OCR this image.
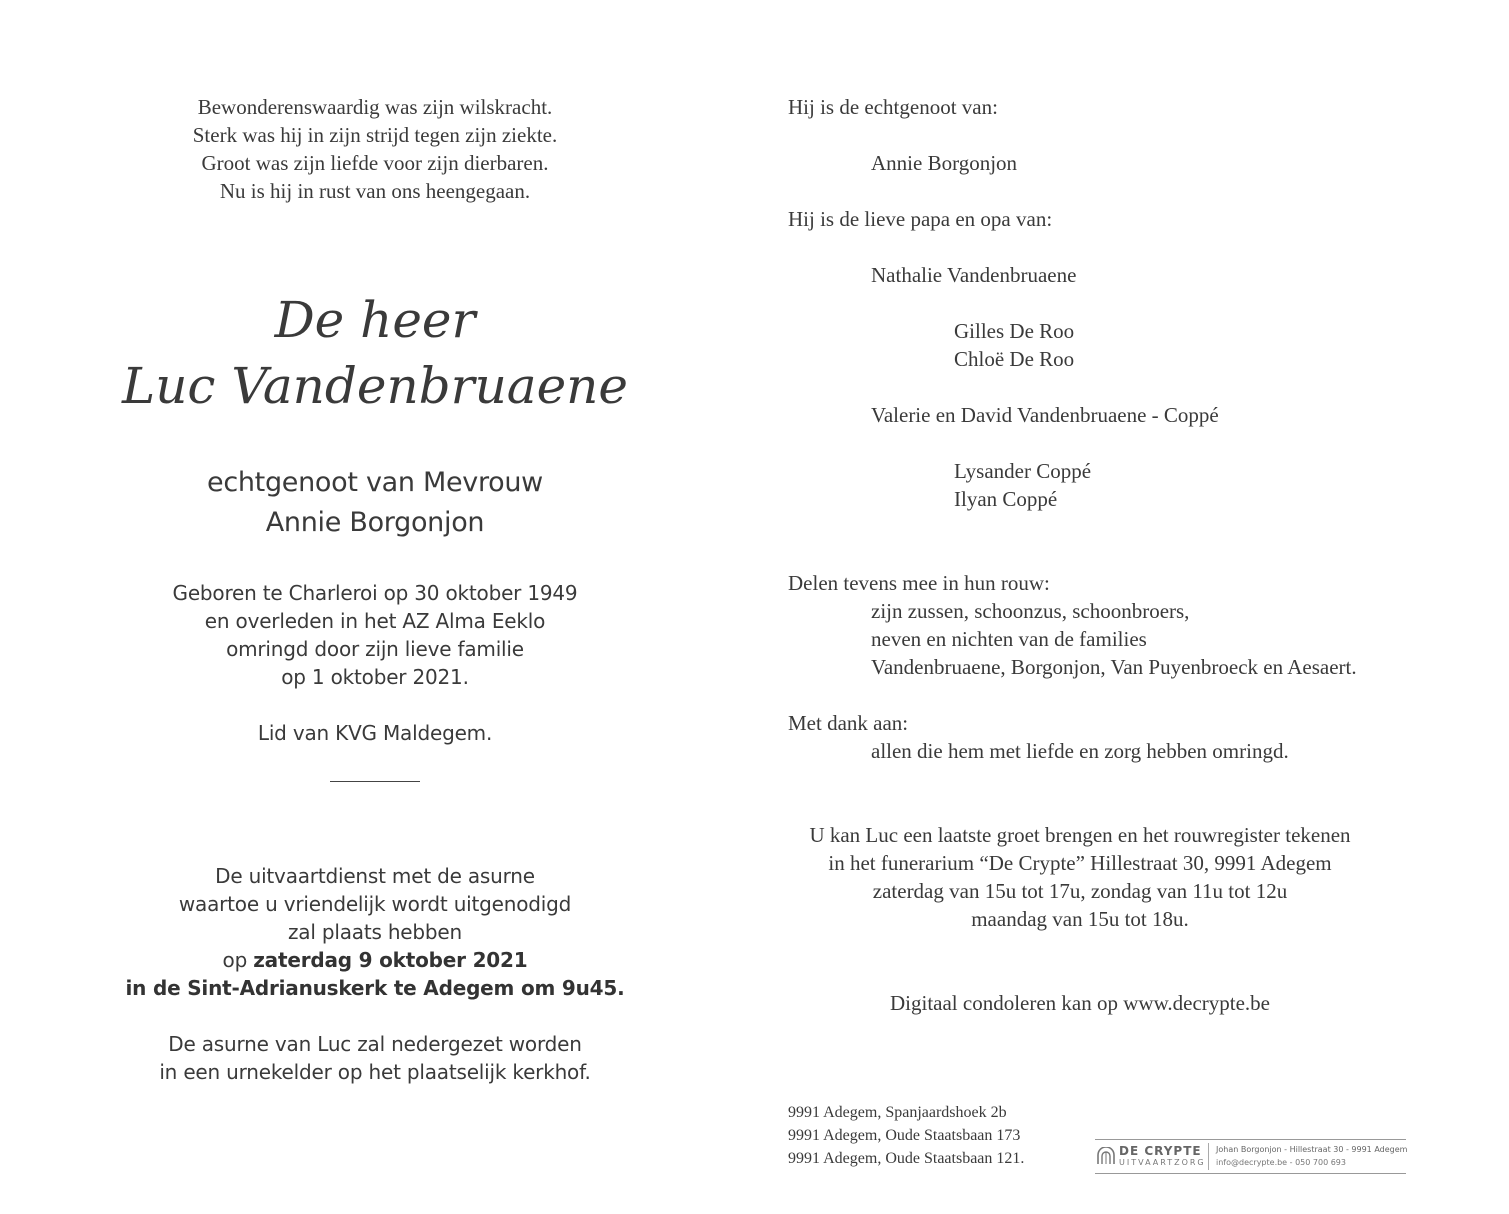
Bewonderenswaardig was zijn wilskracht.
Sterk was hij in zijn strijd tegen zijn ziekte.
Groot was zijn liefde voor zijn dierbaren.
Nu is hij in rust van ons heengegaan.
De heer
Luc Vandenbruaene
echtgenoot van Mevrouw
Annie Borgonjon
Geboren te Charleroi op 30 oktober 1949
en overleden in het AZ Alma Eeklo
omringd door zijn lieve familie
op 1 oktober 2021.
Lid van KVG Maldegem.
De uitvaartdienst met de asurne
waartoe u vriendelijk wordt uitgenodigd
zal plaats hebben
op zaterdag 9 oktober 2021
in de Sint-Adrianuskerk te Adegem om 9u45.
De asurne van Luc zal nedergezet worden
in een urnekelder op het plaatselijk kerkhof.
Hij is de echtgenoot van:
Annie Borgonjon
Hij is de lieve papa en opa van:
Nathalie Vandenbruaene
Gilles De Roo
Chloë De Roo
Valerie en David Vandenbruaene - Coppé
Lysander Coppé
Ilyan Coppé
Delen tevens mee in hun rouw:
zijn zussen, schoonzus, schoonbroers,
neven en nichten van de families
Vandenbruaene, Borgonjon, Van Puyenbroeck en Aesaert.
Met dank aan:
allen die hem met liefde en zorg hebben omringd.
U kan Luc een laatste groet brengen en het rouwregister tekenen
in het funerarium “De Crypte” Hillestraat 30, 9991 Adegem
zaterdag van 15u tot 17u, zondag van 11u tot 12u
maandag van 15u tot 18u.
Digitaal condoleren kan op www.decrypte.be
9991 Adegem, Spanjaardshoek 2b
9991 Adegem, Oude Staatsbaan 173
9991 Adegem, Oude Staatsbaan 121.	DE CRYPTE
UITVAARTZORG
Johan Borgonjon - Hillestraat 30 - 9991 Adegem
info@decrypte.be - 050 700 693
